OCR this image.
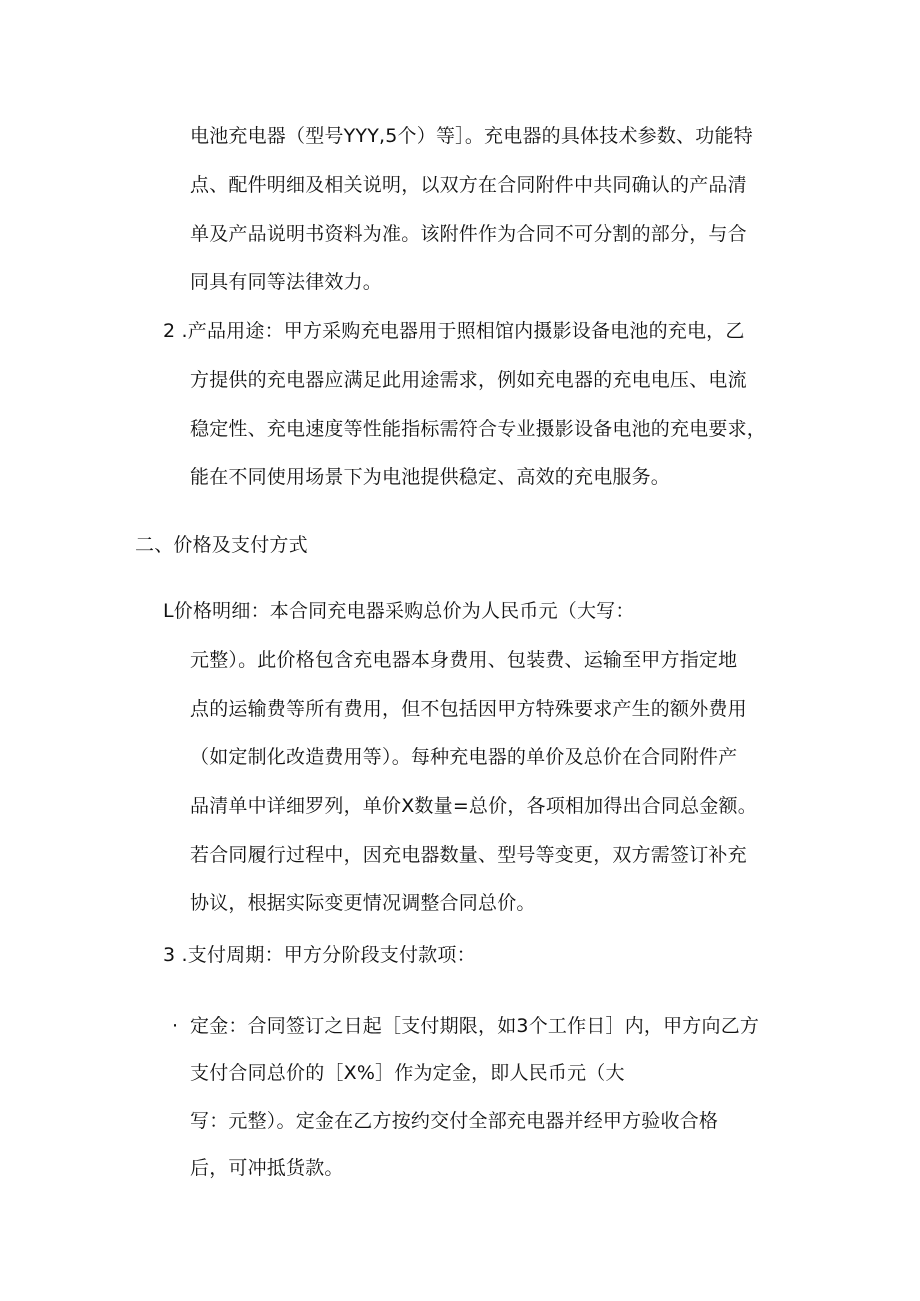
电池充电器（型号YYY,5个）等］。充电器的具体技术参数、功能特
点、配件明细及相关说明，以双方在合同附件中共同确认的产品清
单及产品说明书资料为准。该附件作为合同不可分割的部分，与合
同具有同等法律效力。
2 .产品用途：甲方采购充电器用于照相馆内摄影设备电池的充电，乙
方提供的充电器应满足此用途需求，例如充电器的充电电压、电流
稳定性、充电速度等性能指标需符合专业摄影设备电池的充电要求，
能在不同使用场景下为电池提供稳定、高效的充电服务。
二、价格及支付方式
L价格明细：本合同充电器采购总价为人民币元（大写：
元整）。此价格包含充电器本身费用、包装费、运输至甲方指定地
点的运输费等所有费用，但不包括因甲方特殊要求产生的额外费用
（如定制化改造费用等）。每种充电器的单价及总价在合同附件产
品清单中详细罗列，单价X数量=总价，各项相加得出合同总金额。
若合同履行过程中，因充电器数量、型号等变更，双方需签订补充
协议，根据实际变更情况调整合同总价。
3 .支付周期：甲方分阶段支付款项：
· 定金：合同签订之日起［支付期限，如3个工作日］内，甲方向乙方
支付合同总价的［X%］作为定金，即人民币元（大
写：元整）。定金在乙方按约交付全部充电器并经甲方验收合格
后，可冲抵货款。
